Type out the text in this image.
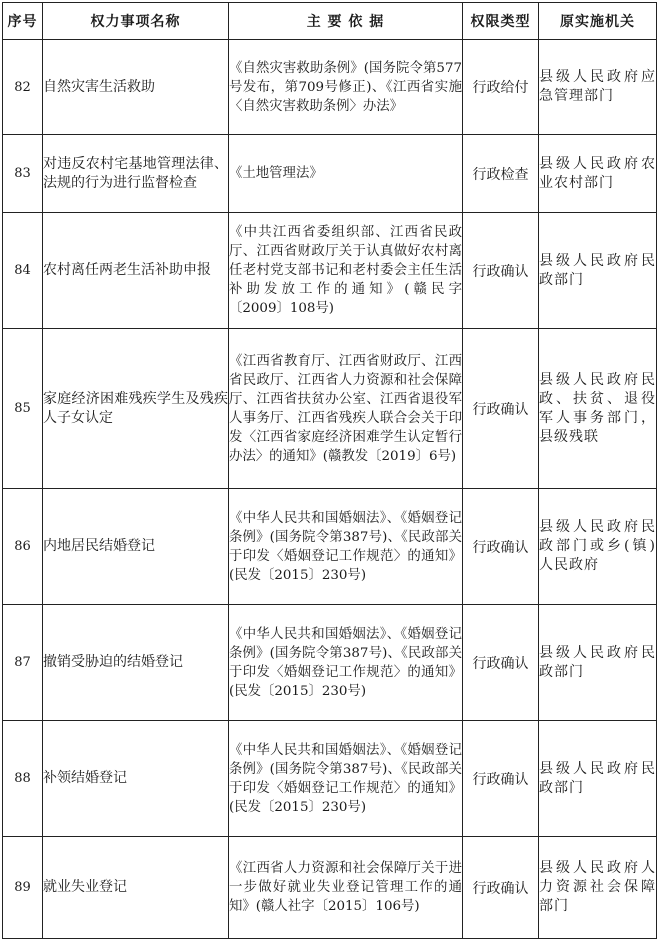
序号	权力事项名称	主 要 依 据	权限类型	原实施机关
82	自然灾害生活救助	《自然灾害救助条例》(国务院令第577号发布，第709号修正)、《江西省实施〈自然灾害救助条例〉办法》	行政给付	县级人民政府应急管理部门
83	对违反农村宅基地管理法律、法规的行为进行监督检查	《土地管理法》	行政检查	县级人民政府农业农村部门
84	农村离任两老生活补助申报	《中共江西省委组织部、江西省民政厅、江西省财政厅关于认真做好农村离任老村党支部书记和老村委会主任生活补助发放工作的通知》(赣民字〔2009〕108号)	行政确认	县级人民政府民政部门
85	家庭经济困难残疾学生及残疾人子女认定	《江西省教育厅、江西省财政厅、江西省民政厅、江西省人力资源和社会保障厅、江西省扶贫办公室、江西省退役军人事务厅、江西省残疾人联合会关于印发〈江西省家庭经济困难学生认定暂行办法〉的通知》(赣教发〔2019〕6号)	行政确认	县级人民政府民政、扶贫、退役军人事务部门，县级残联
86	内地居民结婚登记	《中华人民共和国婚姻法》、《婚姻登记条例》(国务院令第387号)、《民政部关于印发〈婚姻登记工作规范〉的通知》(民发〔2015〕230号)	行政确认	县级人民政府民政部门或乡(镇)人民政府
87	撤销受胁迫的结婚登记	《中华人民共和国婚姻法》、《婚姻登记条例》(国务院令第387号)、《民政部关于印发〈婚姻登记工作规范〉的通知》(民发〔2015〕230号)	行政确认	县级人民政府民政部门
88	补领结婚登记	《中华人民共和国婚姻法》、《婚姻登记条例》(国务院令第387号)、《民政部关于印发〈婚姻登记工作规范〉的通知》(民发〔2015〕230号)	行政确认	县级人民政府民政部门
89	就业失业登记	《江西省人力资源和社会保障厅关于进一步做好就业失业登记管理工作的通知》(赣人社字〔2015〕106号)	行政确认	县级人民政府人力资源社会保障部门
